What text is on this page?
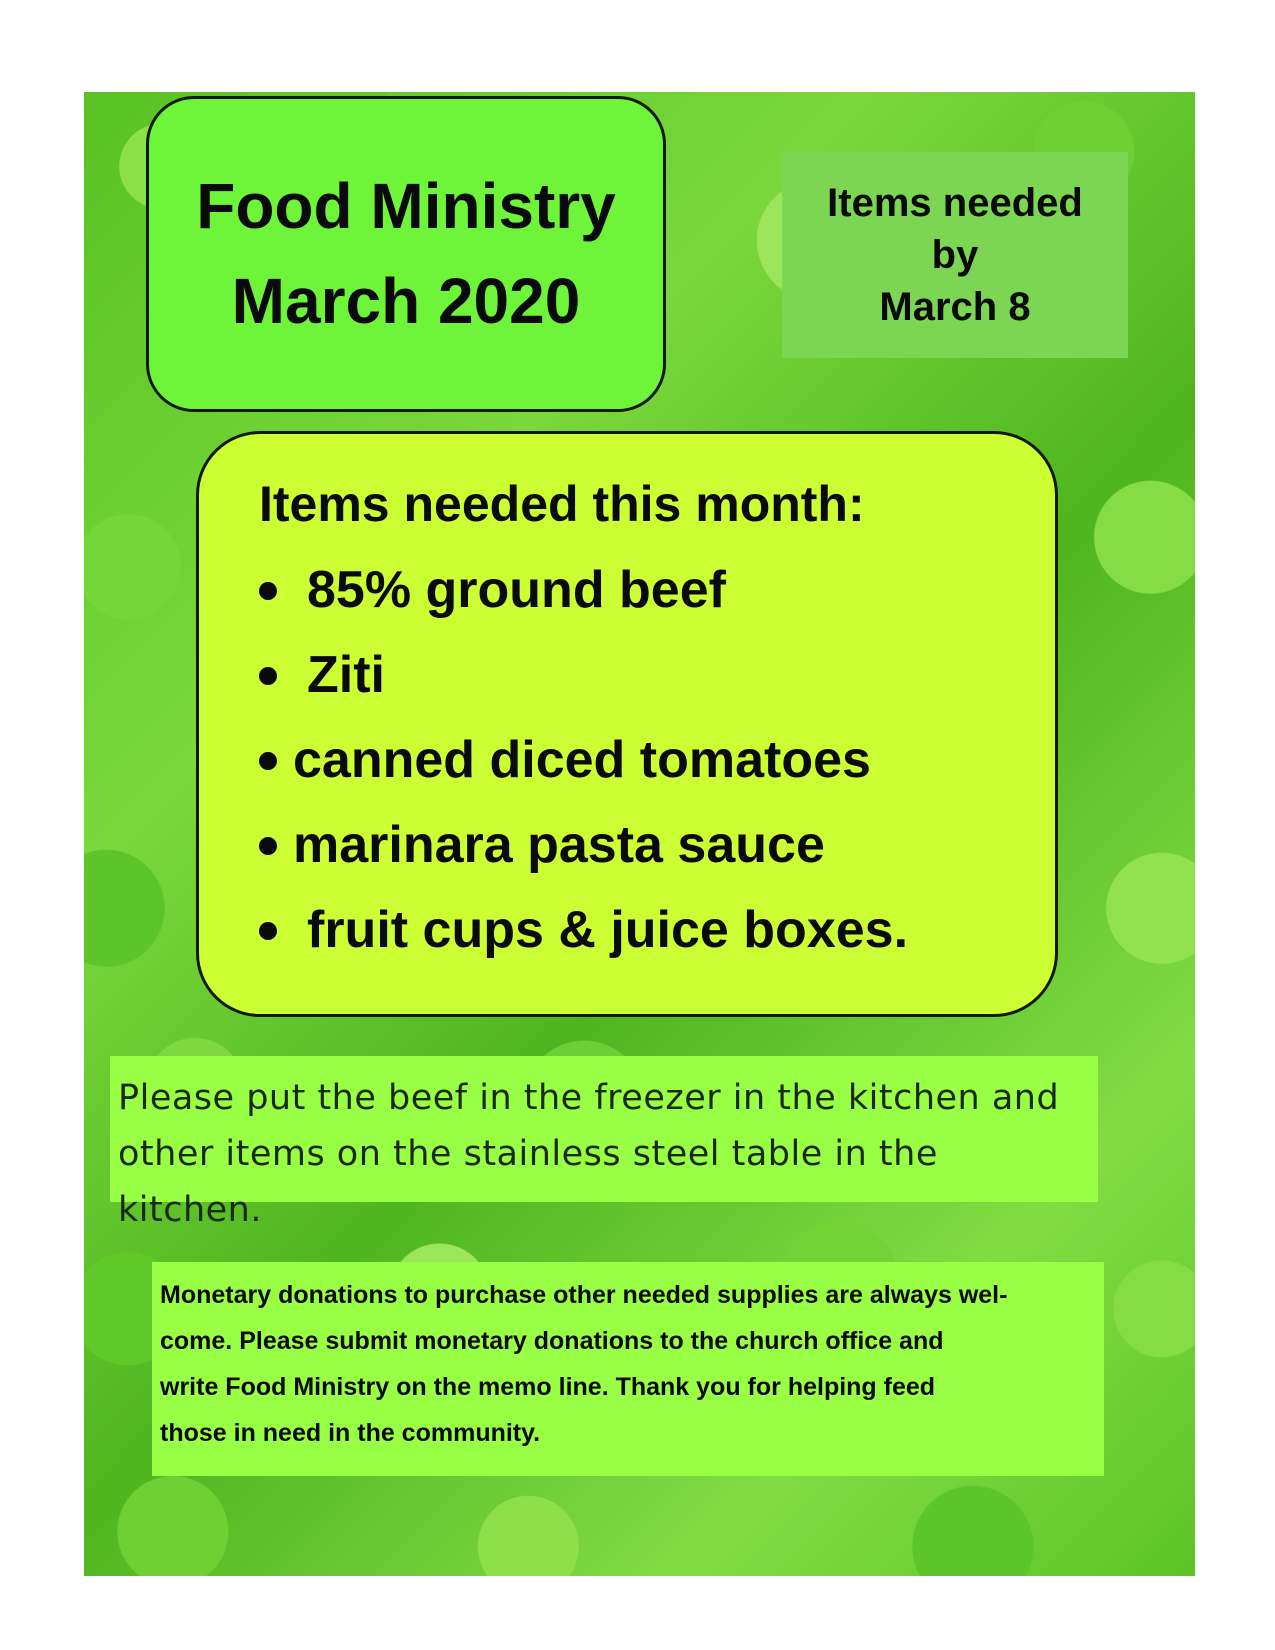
Food Ministry
March 2020
Items needed
by
March 8
Items needed this month:
85% ground beef
Ziti
canned diced tomatoes
marinara pasta sauce
fruit cups & juice boxes.

Please put the beef in the freezer in the kitchen and

other items on the stainless steel table in the kitchen.

Monetary donations to purchase other needed supplies are always wel-

come. Please submit monetary donations to the church office and

write Food Ministry on the memo line. Thank you for helping feed

those in need in the community.
